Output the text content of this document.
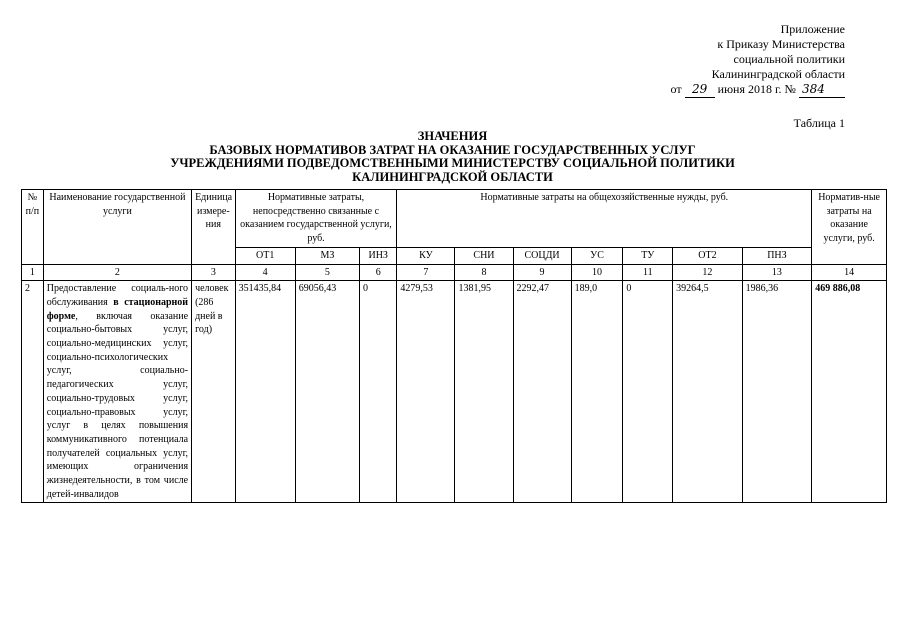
Приложение
к Приказу Министерства
социальной политики
Калининградской области
от 29 июня 2018 г. № 384
Таблица 1
ЗНАЧЕНИЯ
БАЗОВЫХ НОРМАТИВОВ ЗАТРАТ НА ОКАЗАНИЕ ГОСУДАРСТВЕННЫХ УСЛУГ
УЧРЕЖДЕНИЯМИ ПОДВЕДОМСТВЕННЫМИ МИНИСТЕРСТВУ СОЦИАЛЬНОЙ ПОЛИТИКИ
КАЛИНИНГРАДСКОЙ ОБЛАСТИ
№ п/п	Наименование государственной услуги	Единица измере-ния	Нормативные затраты, непосредственно связанные с оказанием государственной услуги, руб.			Нормативные затраты на общехозяйственные нужды, руб.							Норматив-ные затраты на оказание услуги, руб.
			ОТ1	МЗ	ИНЗ	КУ	СНИ	СОЦДИ	УС	ТУ	ОТ2	ПНЗ	
1	2	3	4	5	6	7	8	9	10	11	12	13	14
2	Предоставление социаль-ного обслуживания в стационарной форме, включая оказание социально-бытовых услуг, социально-медицинских услуг, социально-психологических услуг, социально-педагогических услуг, социально-трудовых услуг, социально-правовых услуг, услуг в целях повышения коммуникативного потенциала получателей социальных услуг, имеющих ограничения жизнедеятельности, в том числе детей-инвалидов	человек (286 дней в год)	351435,84	69056,43	0	4279,53	1381,95	2292,47	189,0	0	39264,5	1986,36	469 886,08
